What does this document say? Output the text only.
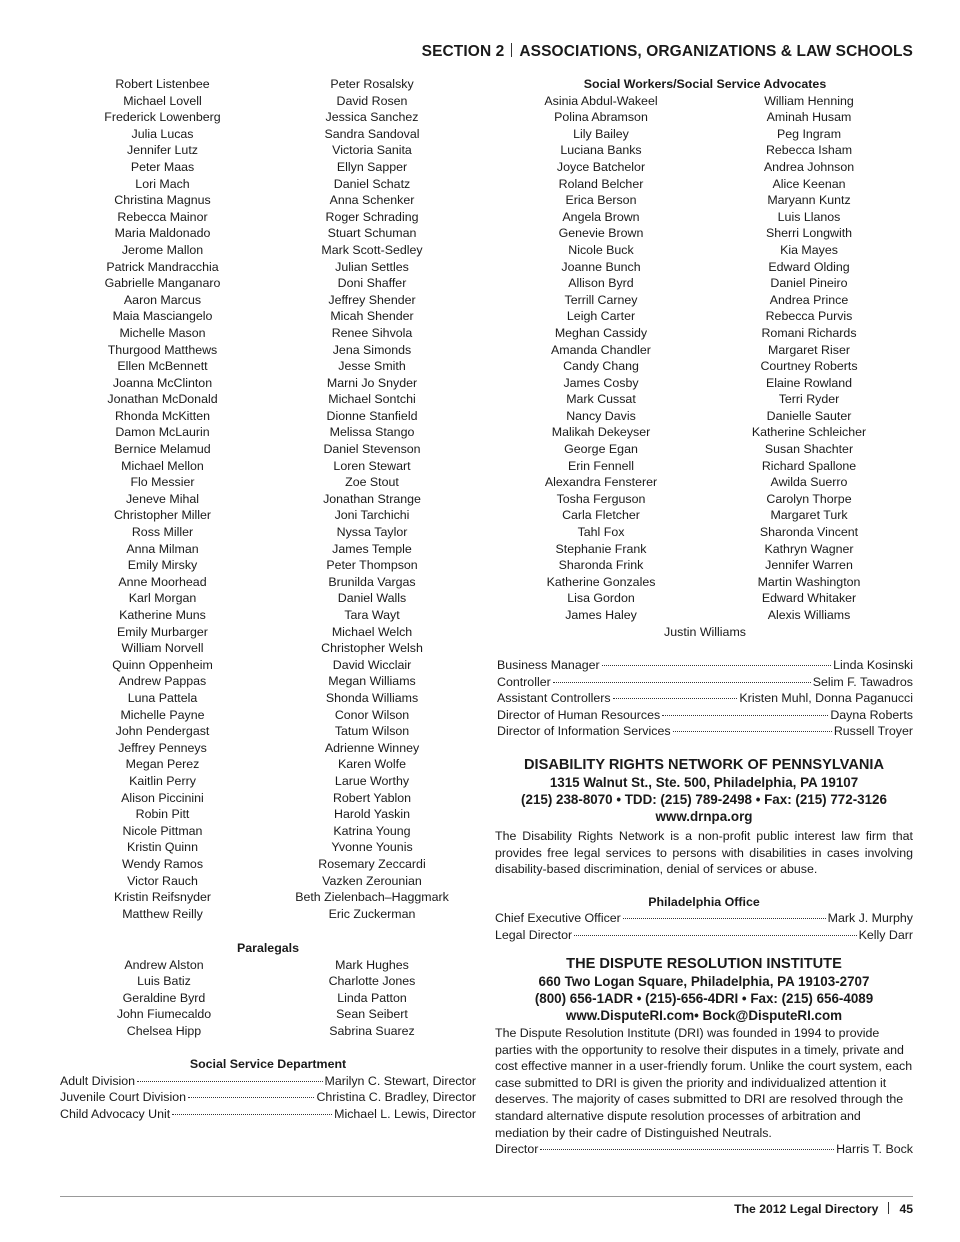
SECTION 2 ASSOCIATIONS, ORGANIZATIONS & LAW SCHOOLS
Robert Listenbee
Michael Lovell
Frederick Lowenberg
Julia Lucas
Jennifer Lutz
Peter Maas
Lori Mach
Christina Magnus
Rebecca Mainor
Maria Maldonado
Jerome Mallon
Patrick Mandracchia
Gabrielle Manganaro
Aaron Marcus
Maia Masciangelo
Michelle Mason
Thurgood Matthews
Ellen McBennett
Joanna McClinton
Jonathan McDonald
Rhonda McKitten
Damon McLaurin
Bernice Melamud
Michael Mellon
Flo Messier
Jeneve Mihal
Christopher Miller
Ross Miller
Anna Milman
Emily Mirsky
Anne Moorhead
Karl Morgan
Katherine Muns
Emily Murbarger
William Norvell
Quinn Oppenheim
Andrew Pappas
Luna Pattela
Michelle Payne
John Pendergast
Jeffrey Penneys
Megan Perez
Kaitlin Perry
Alison Piccinini
Robin Pitt
Nicole Pittman
Kristin Quinn
Wendy Ramos
Victor Rauch
Kristin Reifsnyder
Matthew Reilly
Peter Rosalsky
David Rosen
Jessica Sanchez
Sandra Sandoval
Victoria Sanita
Ellyn Sapper
Daniel Schatz
Anna Schenker
Roger Schrading
Stuart Schuman
Mark Scott-Sedley
Julian Settles
Doni Shaffer
Jeffrey Shender
Micah Shender
Renee Sihvola
Jena Simonds
Jesse Smith
Marni Jo Snyder
Michael Sontchi
Dionne Stanfield
Melissa Stango
Daniel Stevenson
Loren Stewart
Zoe Stout
Jonathan Strange
Joni Tarchichi
Nyssa Taylor
James Temple
Peter Thompson
Brunilda Vargas
Daniel Walls
Tara Wayt
Michael Welch
Christopher Welsh
David Wicclair
Megan Williams
Shonda Williams
Conor Wilson
Tatum Wilson
Adrienne Winney
Karen Wolfe
Larue Worthy
Robert Yablon
Harold Yaskin
Katrina Young
Yvonne Younis
Rosemary Zeccardi
Vazken Zerounian
Beth Zielenbach–Haggmark
Eric Zuckerman
Paralegals
Andrew Alston
Luis Batiz
Geraldine Byrd
John Fiumecaldo
Chelsea Hipp
Mark Hughes
Charlotte Jones
Linda Patton
Sean Seibert
Sabrina Suarez
Social Service Department
Adult Division	Marilyn C. Stewart, Director
Juvenile Court Division	Christina C. Bradley, Director
Child Advocacy Unit	Michael L. Lewis, Director
Social Workers/Social Service Advocates
Asinia Abdul-Wakeel
Polina Abramson
Lily Bailey
Luciana Banks
Joyce Batchelor
Roland Belcher
Erica Berson
Angela Brown
Genevie Brown
Nicole Buck
Joanne Bunch
Allison Byrd
Terrill Carney
Leigh Carter
Meghan Cassidy
Amanda Chandler
Candy Chang
James Cosby
Mark Cussat
Nancy Davis
Malikah Dekeyser
George Egan
Erin Fennell
Alexandra Fensterer
Tosha Ferguson
Carla Fletcher
Tahl Fox
Stephanie Frank
Sharonda Frink
Katherine Gonzales
Lisa Gordon
James Haley
William Henning
Aminah Husam
Peg Ingram
Rebecca Isham
Andrea Johnson
Alice Keenan
Maryann Kuntz
Luis Llanos
Sherri Longwith
Kia Mayes
Edward Olding
Daniel Pineiro
Andrea Prince
Rebecca Purvis
Romani Richards
Margaret Riser
Courtney Roberts
Elaine Rowland
Terri Ryder
Danielle Sauter
Katherine Schleicher
Susan Shachter
Richard Spallone
Awilda Suerro
Carolyn Thorpe
Margaret Turk
Sharonda Vincent
Kathryn Wagner
Jennifer Warren
Martin Washington
Edward Whitaker
Alexis Williams
Justin Williams
Business Manager	Linda Kosinski
Controller	Selim F. Tawadros
Assistant Controllers	Kristen Muhl, Donna Paganucci
Director of Human Resources	Dayna Roberts
Director of Information Services	Russell Troyer
DISABILITY RIGHTS NETWORK OF PENNSYLVANIA
1315 Walnut St., Ste. 500, Philadelphia, PA 19107
(215) 238-8070 • TDD: (215) 789-2498 • Fax: (215) 772-3126
www.drnpa.org
The Disability Rights Network is a non-profit public interest law firm that provides free legal services to persons with disabilities in cases involving disability-based discrimination, denial of services or abuse.
Philadelphia Office
Chief Executive Officer	Mark J. Murphy
Legal Director	Kelly Darr
THE DISPUTE RESOLUTION INSTITUTE
660 Two Logan Square, Philadelphia, PA 19103-2707
(800) 656-1ADR • (215)-656-4DRI • Fax: (215) 656-4089
www.DisputeRI.com• Bock@DisputeRI.com
The Dispute Resolution Institute (DRI) was founded in 1994 to provide parties with the opportunity to resolve their disputes in a timely, private and cost effective manner in a user-friendly forum. Unlike the court system, each case submitted to DRI is given the priority and individualized attention it deserves. The majority of cases submitted to DRI are resolved through the standard alternative dispute resolution processes of arbitration and mediation by their cadre of Distinguished Neutrals.
Director	Harris T. Bock
The 2012 Legal Directory 45
